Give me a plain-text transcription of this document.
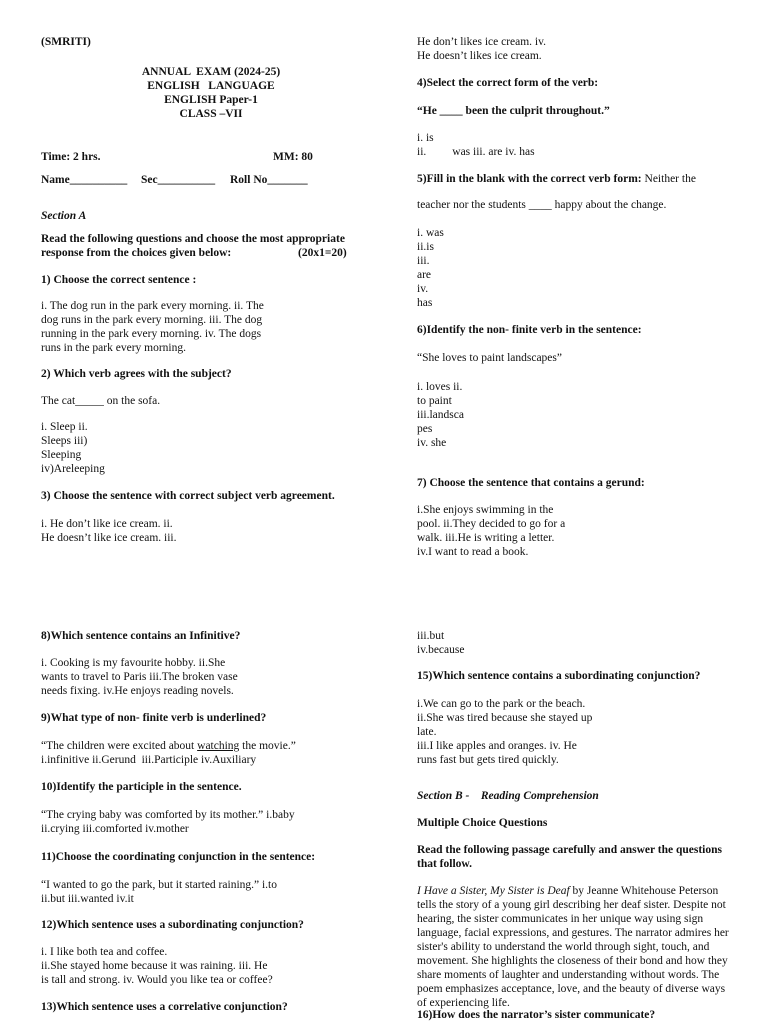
(SMRITI)
ANNUAL  EXAM (2024-25)
ENGLISH   LANGUAGE
ENGLISH Paper-1
CLASS –VII
Time: 2 hrs.	MM: 80
Name__________ Sec__________ Roll No_______
Section A
Read the following questions and choose the most appropriate
response from the choices given below:	(20x1=20)
1) Choose the correct sentence :
i. The dog run in the park every morning. ii. The
dog runs in the park every morning. iii. The dog
running in the park every morning. iv. The dogs
runs in the park every morning.
2) Which verb agrees with the subject?
The cat_____ on the sofa.
i. Sleep ii.
Sleeps iii)
Sleeping
iv)Areleeping
3) Choose the sentence with correct subject verb agreement.
i. He don’t like ice cream. ii.
He doesn’t like ice cream. iii.
He don’t likes ice cream. iv.
He doesn’t likes ice cream.
4)Select the correct form of the verb:
“He ____ been the culprit throughout.”
i. is
ii. was iii. are iv. has
5)Fill in the blank with the correct verb form: Neither the
teacher nor the students ____ happy about the change.
i. was
ii.is
iii.
are
iv.
has
6)Identify the non- finite verb in the sentence:
“She loves to paint landscapes”
i. loves ii.
to paint
iii.landsca
pes
iv. she
7) Choose the sentence that contains a gerund:
i.She enjoys swimming in the
pool. ii.They decided to go for a
walk. iii.He is writing a letter.
iv.I want to read a book.
8)Which sentence contains an Infinitive?
i. Cooking is my favourite hobby. ii.She
wants to travel to Paris iii.The broken vase
needs fixing. iv.He enjoys reading novels.
9)What type of non- finite verb is underlined?
“The children were excited about watching the movie.”
i.infinitive ii.Gerund  iii.Participle iv.Auxiliary
10)Identify the participle in the sentence.
“The crying baby was comforted by its mother.” i.baby
ii.crying iii.comforted iv.mother
11)Choose the coordinating conjunction in the sentence:
“I wanted to go the park, but it started raining.” i.to
ii.but iii.wanted iv.it
12)Which sentence uses a subordinating conjunction?
i. I like both tea and coffee.
ii.She stayed home because it was raining. iii. He
is tall and strong. iv. Would you like tea or coffee?
13)Which sentence uses a correlative conjunction?
iii.but
iv.because
15)Which sentence contains a subordinating conjunction?
i.We can go to the park or the beach.
ii.She was tired because she stayed up
late.
iii.I like apples and oranges. iv. He
runs fast but gets tired quickly.
Section B -    Reading Comprehension
Multiple Choice Questions
Read the following passage carefully and answer the questions
that follow.
I Have a Sister, My Sister is Deaf by Jeanne Whitehouse Peterson
tells the story of a young girl describing her deaf sister. Despite not
hearing, the sister communicates in her unique way using sign
language, facial expressions, and gestures. The narrator admires her
sister's ability to understand the world through sight, touch, and
movement. She highlights the closeness of their bond and how they
share moments of laughter and understanding without words. The
poem emphasizes acceptance, love, and the beauty of diverse ways
of experiencing life.
16)How does the narrator’s sister communicate?
